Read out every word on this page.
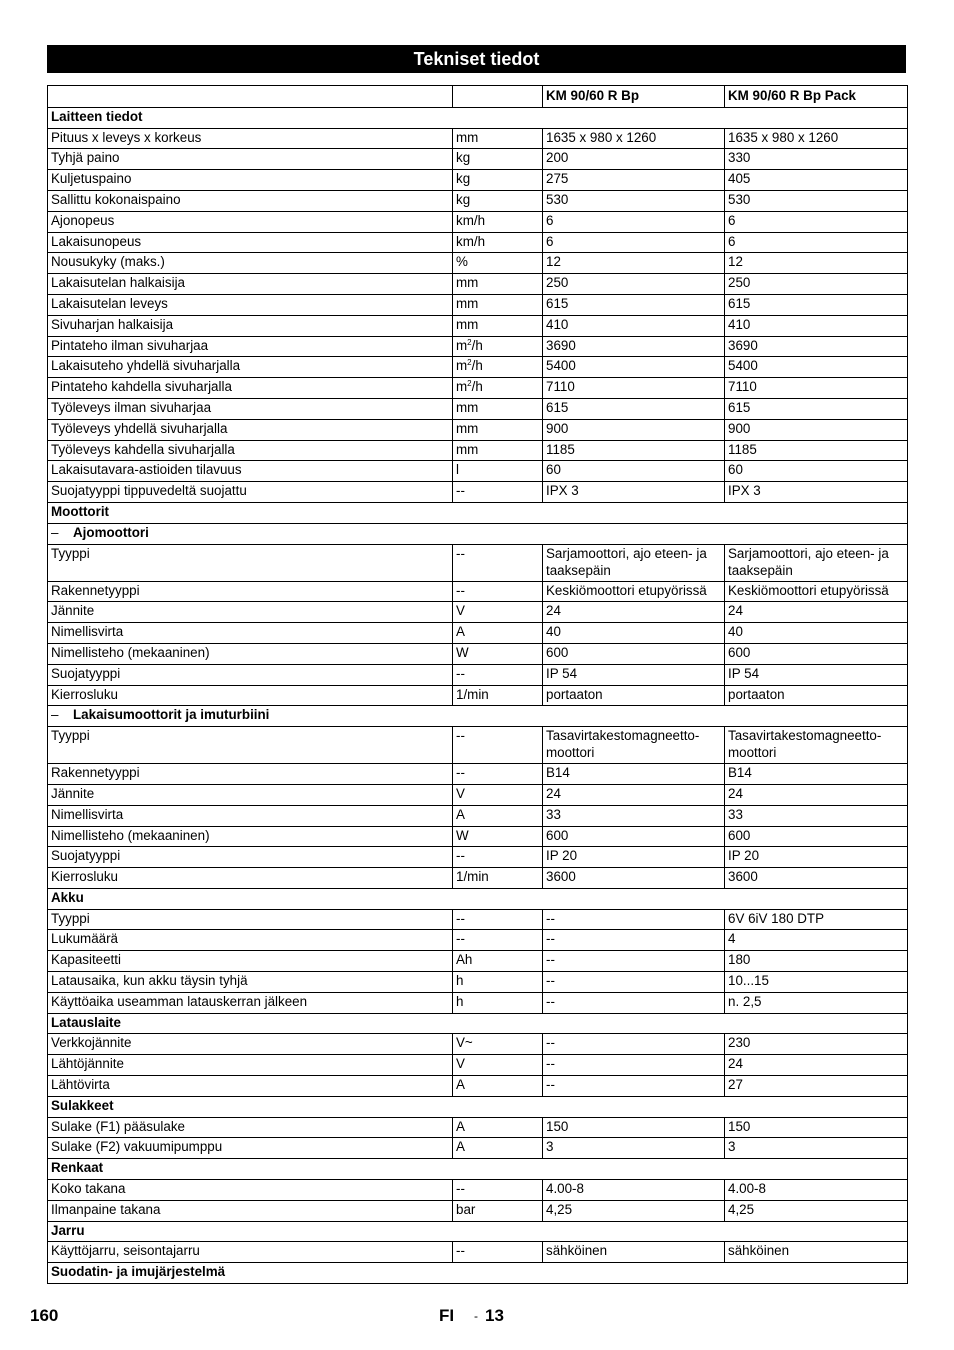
Tekniset tiedot
		KM 90/60 R Bp	KM 90/60 R Bp Pack
Laitteen tiedot			
Pituus x leveys x korkeus	mm	1635 x 980 x 1260	1635 x 980 x 1260
Tyhjä paino	kg	200	330
Kuljetuspaino	kg	275	405
Sallittu kokonaispaino	kg	530	530
Ajonopeus	km/h	6	6
Lakaisunopeus	km/h	6	6
Nousukyky (maks.)	%	12	12
Lakaisutelan halkaisija	mm	250	250
Lakaisutelan leveys	mm	615	615
Sivuharjan halkaisija	mm	410	410
Pintateho ilman sivuharjaa	$m^2/h$	3690	3690
Lakaisuteho yhdellä sivuharjalla	$m^2/h$	5400	5400
Pintateho kahdella sivuharjalla	$m^2/h$	7110	7110
Työleveys ilman sivuharjaa	mm	615	615
Työleveys yhdellä sivuharjalla	mm	900	900
Työleveys kahdella sivuharjalla	mm	1185	1185
Lakaisutavara-astioiden tilavuus	l	60	60
Suojatyyppi tippuvedeltä suojattu	--	IPX 3	IPX 3
Moottorit			
– Ajomoottori			
Tyyppi	--	Sarjamoottori, ajo eteen- ja taaksepäin	Sarjamoottori, ajo eteen- ja taaksepäin
Rakennetyyppi	--	Keskiömoottori etupyörissä	Keskiömoottori etupyörissä
Jännite	V	24	24
Nimellisvirta	A	40	40
Nimellisteho (mekaaninen)	W	600	600
Suojatyyppi	--	IP 54	IP 54
Kierrosluku	1/min	portaaton	portaaton
– Lakaisumoottorit ja imuturbiini			
Tyyppi	--	Tasavirtakestomagneetto-moottori	Tasavirtakestomagneetto-moottori
Rakennetyyppi	--	B14	B14
Jännite	V	24	24
Nimellisvirta	A	33	33
Nimellisteho (mekaaninen)	W	600	600
Suojatyyppi	--	IP 20	IP 20
Kierrosluku	1/min	3600	3600
Akku			
Tyyppi	--	--	6V 6iV 180 DTP
Lukumäärä	--	--	4
Kapasiteetti	Ah	--	180
Latausaika, kun akku täysin tyhjä	h	--	10...15
Käyttöaika useamman latauskerran jälkeen	h	--	n. 2,5
Latauslaite			
Verkkojännite	V~	--	230
Lähtöjännite	V	--	24
Lähtövirta	A	--	27
Sulakkeet			
Sulake (F1) pääsulake	A	150	150
Sulake (F2) vakuumipumppu	A	3	3
Renkaat			
Koko takana	--	4.00-8	4.00-8
Ilmanpaine takana	bar	4,25	4,25
Jarru			
Käyttöjarru, seisontajarru	--	sähköinen	sähköinen
Suodatin- ja imujärjestelmä			
160	FI - 13
